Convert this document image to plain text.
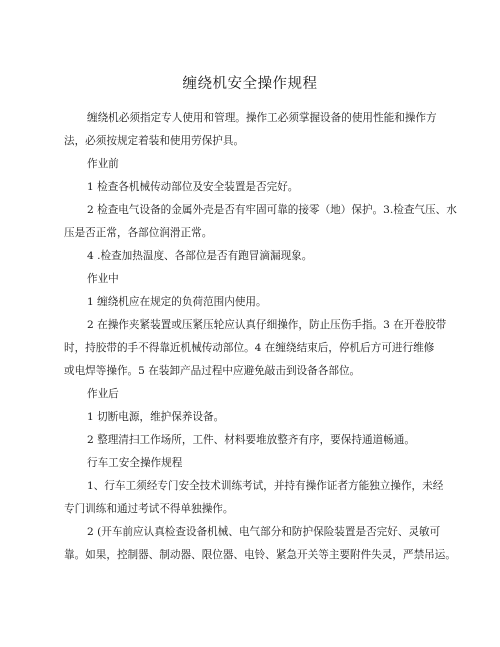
缠绕机安全操作规程
缠绕机必须指定专人使用和管理。操作工必须掌握设备的使用性能和操作方
法，必须按规定着装和使用劳保护具。
作业前
1 检查各机械传动部位及安全装置是否完好。
2 检查电气设备的金属外壳是否有牢固可靠的接零（地）保护。3.检查气压、水
压是否正常，各部位润滑正常。
4 .检查加热温度、各部位是否有跑冒滴漏现象。
作业中
1 缠绕机应在规定的负荷范围内使用。
2 在操作夹紧装置或压紧压轮应认真仔细操作，防止压伤手指。3 在开卷胶带
时，持胶带的手不得靠近机械传动部位。4 在缠绕结束后，停机后方可进行维修
或电焊等操作。5 在装卸产品过程中应避免敲击到设备各部位。
作业后
1 切断电源，维护保养设备。
2 整理清扫工作场所，工件、材料要堆放整齐有序，要保持通道畅通。
行车工安全操作规程
1、行车工须经专门安全技术训练考试，并持有操作证者方能独立操作，未经
专门训练和通过考试不得单独操作。
2 (开车前应认真检查设备机械、电气部分和防护保险装置是否完好、灵敏可
靠。如果，控制器、制动器、限位器、电铃、紧急开关等主要附件失灵，严禁吊运。
